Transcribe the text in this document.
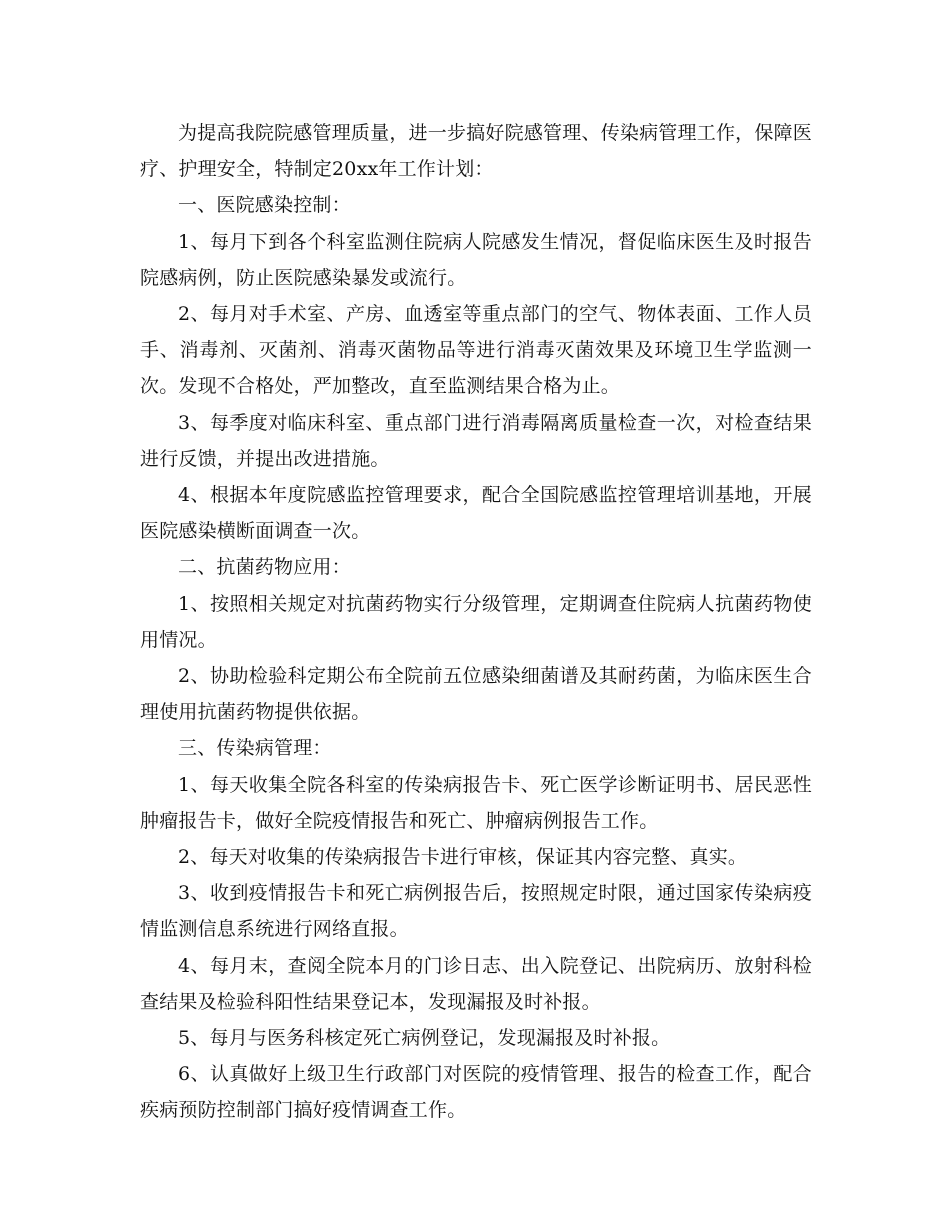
为提高我院院感管理质量，进一步搞好院感管理、传染病管理工作，保障医疗、护理安全，特制定20xx年工作计划：

一、医院感染控制：

1、每月下到各个科室监测住院病人院感发生情况，督促临床医生及时报告院感病例，防止医院感染暴发或流行。

2、每月对手术室、产房、血透室等重点部门的空气、物体表面、工作人员手、消毒剂、灭菌剂、消毒灭菌物品等进行消毒灭菌效果及环境卫生学监测一次。发现不合格处，严加整改，直至监测结果合格为止。

3、每季度对临床科室、重点部门进行消毒隔离质量检查一次，对检查结果进行反馈，并提出改进措施。

4、根据本年度院感监控管理要求，配合全国院感监控管理培训基地，开展医院感染横断面调查一次。

二、抗菌药物应用：

1、按照相关规定对抗菌药物实行分级管理，定期调查住院病人抗菌药物使用情况。

2、协助检验科定期公布全院前五位感染细菌谱及其耐药菌，为临床医生合理使用抗菌药物提供依据。

三、传染病管理：

1、每天收集全院各科室的传染病报告卡、死亡医学诊断证明书、居民恶性肿瘤报告卡，做好全院疫情报告和死亡、肿瘤病例报告工作。

2、每天对收集的传染病报告卡进行审核，保证其内容完整、真实。

3、收到疫情报告卡和死亡病例报告后，按照规定时限，通过国家传染病疫情监测信息系统进行网络直报。

4、每月末，查阅全院本月的门诊日志、出入院登记、出院病历、放射科检查结果及检验科阳性结果登记本，发现漏报及时补报。

5、每月与医务科核定死亡病例登记，发现漏报及时补报。

6、认真做好上级卫生行政部门对医院的疫情管理、报告的检查工作，配合疾病预防控制部门搞好疫情调查工作。
